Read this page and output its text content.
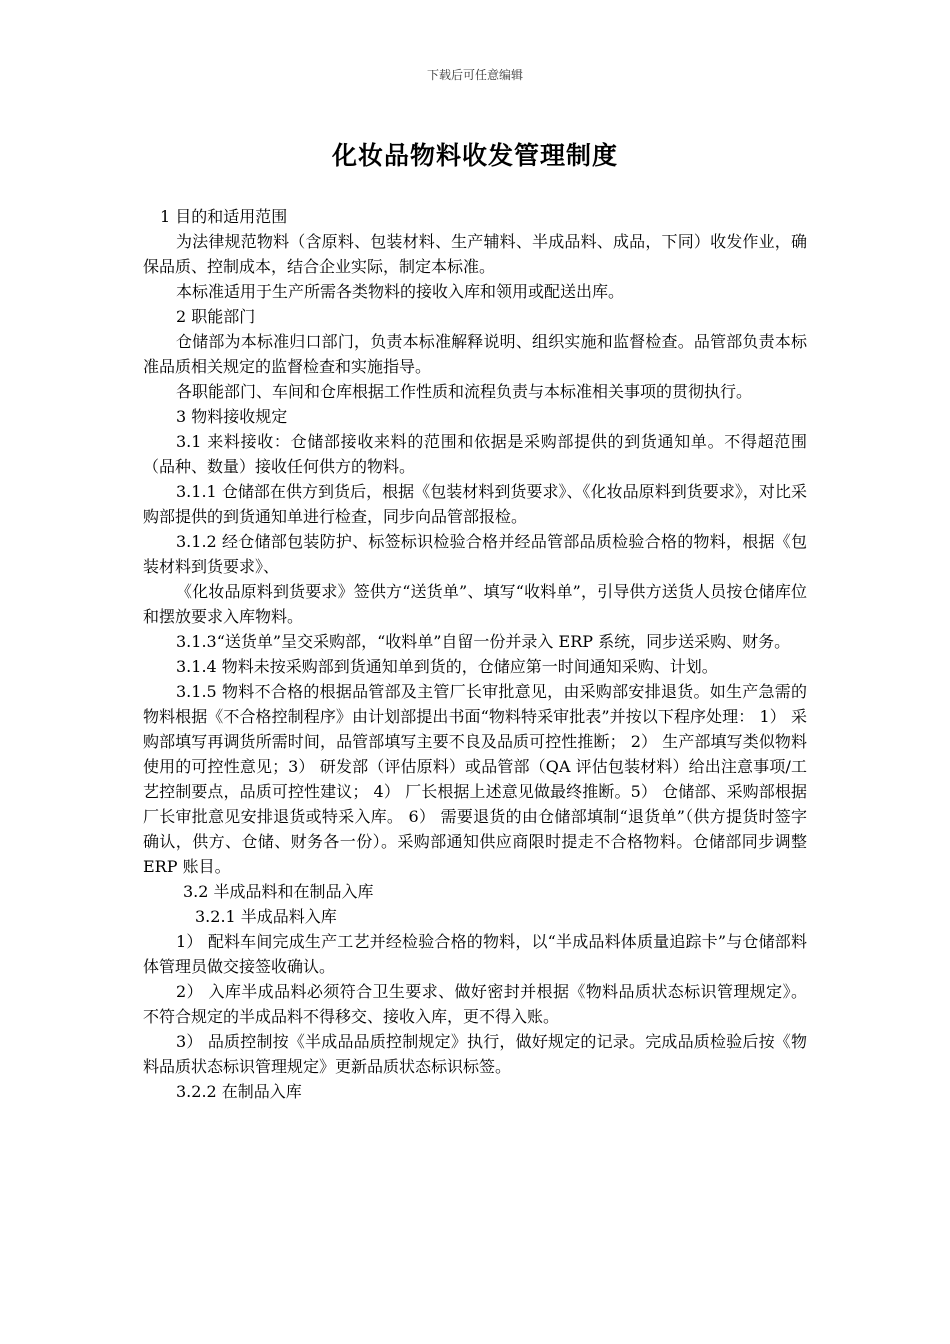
下载后可任意编辑
化妆品物料收发管理制度

1 目的和适用范围

为法律规范物料（含原料、包装材料、生产辅料、半成品料、成品，下同）收发作业，确保品质、控制成本，结合企业实际，制定本标准。

本标准适用于生产所需各类物料的接收入库和领用或配送出库。

2 职能部门

仓储部为本标准归口部门，负责本标准解释说明、组织实施和监督检查。品管部负责本标准品质相关规定的监督检查和实施指导。

各职能部门、车间和仓库根据工作性质和流程负责与本标准相关事项的贯彻执行。

3 物料接收规定

3.1 来料接收：仓储部接收来料的范围和依据是采购部提供的到货通知单。不得超范围（品种、数量）接收任何供方的物料。

3.1.1 仓储部在供方到货后，根据《包装材料到货要求》、《化妆品原料到货要求》，对比采购部提供的到货通知单进行检查，同步向品管部报检。

3.1.2 经仓储部包装防护、标签标识检验合格并经品管部品质检验合格的物料，根据《包装材料到货要求》、

《化妆品原料到货要求》签供方“送货单”、填写“收料单”，引导供方送货人员按仓储库位和摆放要求入库物料。

3.1.3“送货单”呈交采购部，“收料单”自留一份并录入 ERP 系统，同步送采购、财务。

3.1.4 物料未按采购部到货通知单到货的，仓储应第一时间通知采购、计划。

3.1.5 物料不合格的根据品管部及主管厂长审批意见，由采购部安排退货。如生产急需的物料根据《不合格控制程序》由计划部提出书面“物料特采审批表”并按以下程序处理： 1） 采购部填写再调货所需时间，品管部填写主要不良及品质可控性推断； 2） 生产部填写类似物料使用的可控性意见；3） 研发部（评估原料）或品管部（QA 评估包装材料）给出注意事项/工艺控制要点，品质可控性建议； 4） 厂长根据上述意见做最终推断。5） 仓储部、采购部根据厂长审批意见安排退货或特采入库。 6） 需要退货的由仓储部填制“退货单”（供方提货时签字确认，供方、仓储、财务各一份）。采购部通知供应商限时提走不合格物料。仓储部同步调整 ERP 账目。

3.2 半成品料和在制品入库

3.2.1 半成品料入库

1） 配料车间完成生产工艺并经检验合格的物料，以“半成品料体质量追踪卡”与仓储部料体管理员做交接签收确认。

2） 入库半成品料必须符合卫生要求、做好密封并根据《物料品质状态标识管理规定》。不符合规定的半成品料不得移交、接收入库，更不得入账。

3） 品质控制按《半成品品质控制规定》执行，做好规定的记录。完成品质检验后按《物料品质状态标识管理规定》更新品质状态标识标签。

3.2.2 在制品入库
